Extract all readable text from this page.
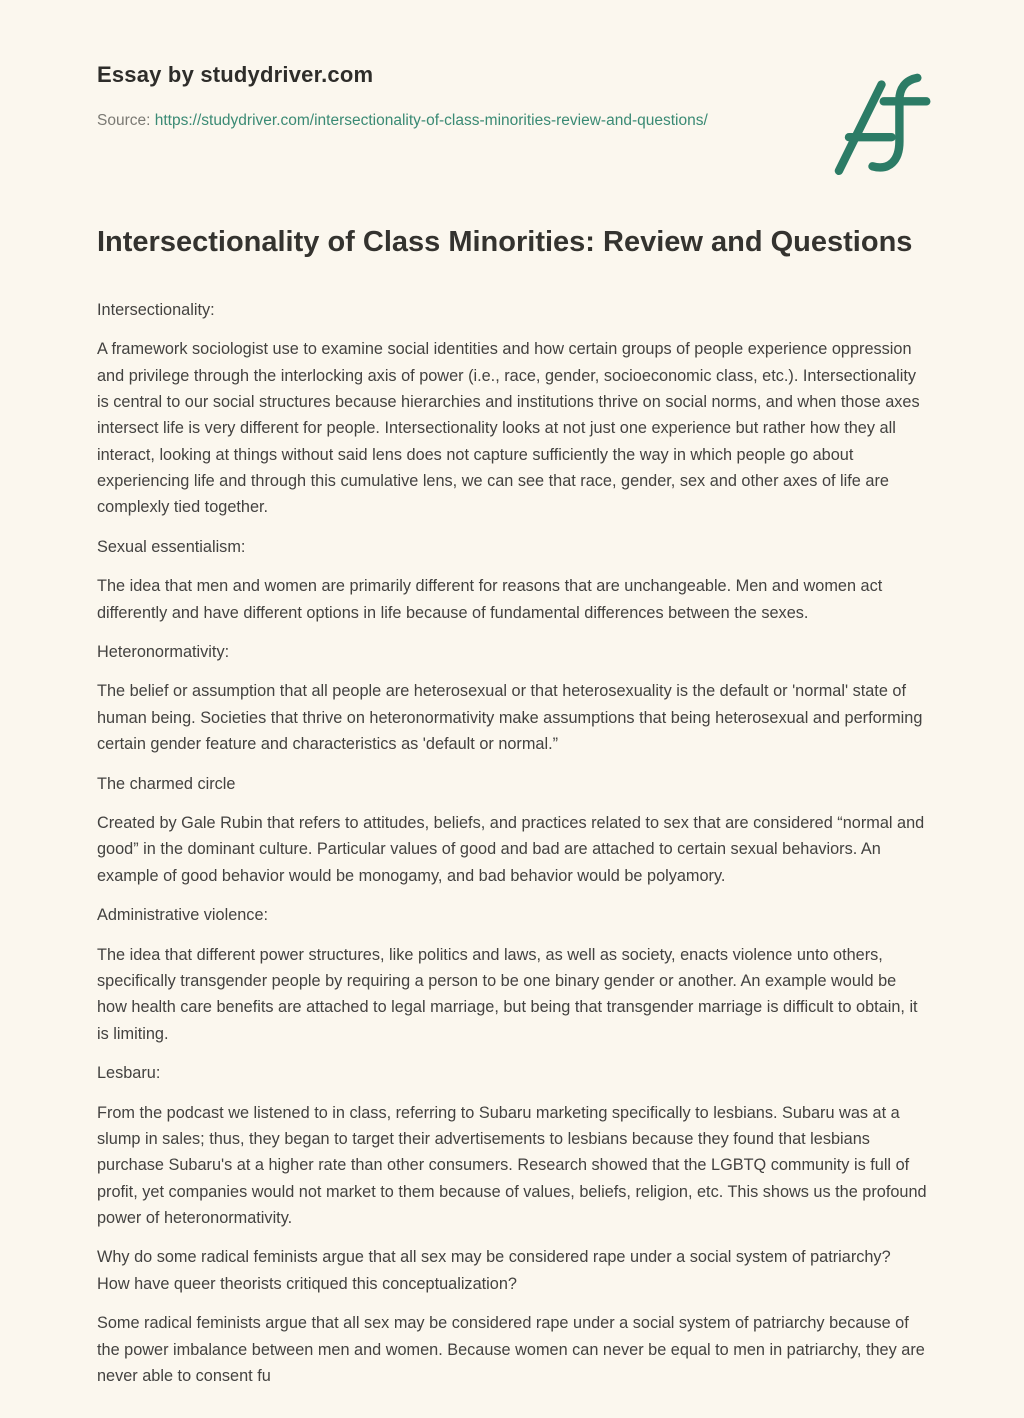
Essay by studydriver.com

Source: https://studydriver.com/intersectionality-of-class-minorities-review-and-questions/

Intersectionality of Class Minorities: Review and Questions

Intersectionality:

A framework sociologist use to examine social identities and how certain groups of people experience oppression and privilege through the interlocking axis of power (i.e., race, gender, socioeconomic class, etc.). Intersectionality is central to our social structures because hierarchies and institutions thrive on social norms, and when those axes intersect life is very different for people. Intersectionality looks at not just one experience but rather how they all interact, looking at things without said lens does not capture sufficiently the way in which people go about experiencing life and through this cumulative lens, we can see that race, gender, sex and other axes of life are complexly tied together.

Sexual essentialism:

The idea that men and women are primarily different for reasons that are unchangeable. Men and women act differently and have different options in life because of fundamental differences between the sexes.

Heteronormativity:

The belief or assumption that all people are heterosexual or that heterosexuality is the default or 'normal' state of human being. Societies that thrive on heteronormativity make assumptions that being heterosexual and performing certain gender feature and characteristics as 'default or normal.”

The charmed circle

Created by Gale Rubin that refers to attitudes, beliefs, and practices related to sex that are considered “normal and good” in the dominant culture. Particular values of good and bad are attached to certain sexual behaviors. An example of good behavior would be monogamy, and bad behavior would be polyamory.

Administrative violence:

The idea that different power structures, like politics and laws, as well as society, enacts violence unto others, specifically transgender people by requiring a person to be one binary gender or another. An example would be how health care benefits are attached to legal marriage, but being that transgender marriage is difficult to obtain, it is limiting.

Lesbaru:

From the podcast we listened to in class, referring to Subaru marketing specifically to lesbians. Subaru was at a slump in sales; thus, they began to target their advertisements to lesbians because they found that lesbians purchase Subaru's at a higher rate than other consumers. Research showed that the LGBTQ community is full of profit, yet companies would not market to them because of values, beliefs, religion, etc. This shows us the profound power of heteronormativity.

Why do some radical feminists argue that all sex may be considered rape under a social system of patriarchy? How have queer theorists critiqued this conceptualization?

Some radical feminists argue that all sex may be considered rape under a social system of patriarchy because of the power imbalance between men and women. Because women can never be equal to men in patriarchy, they are never able to consent fu
